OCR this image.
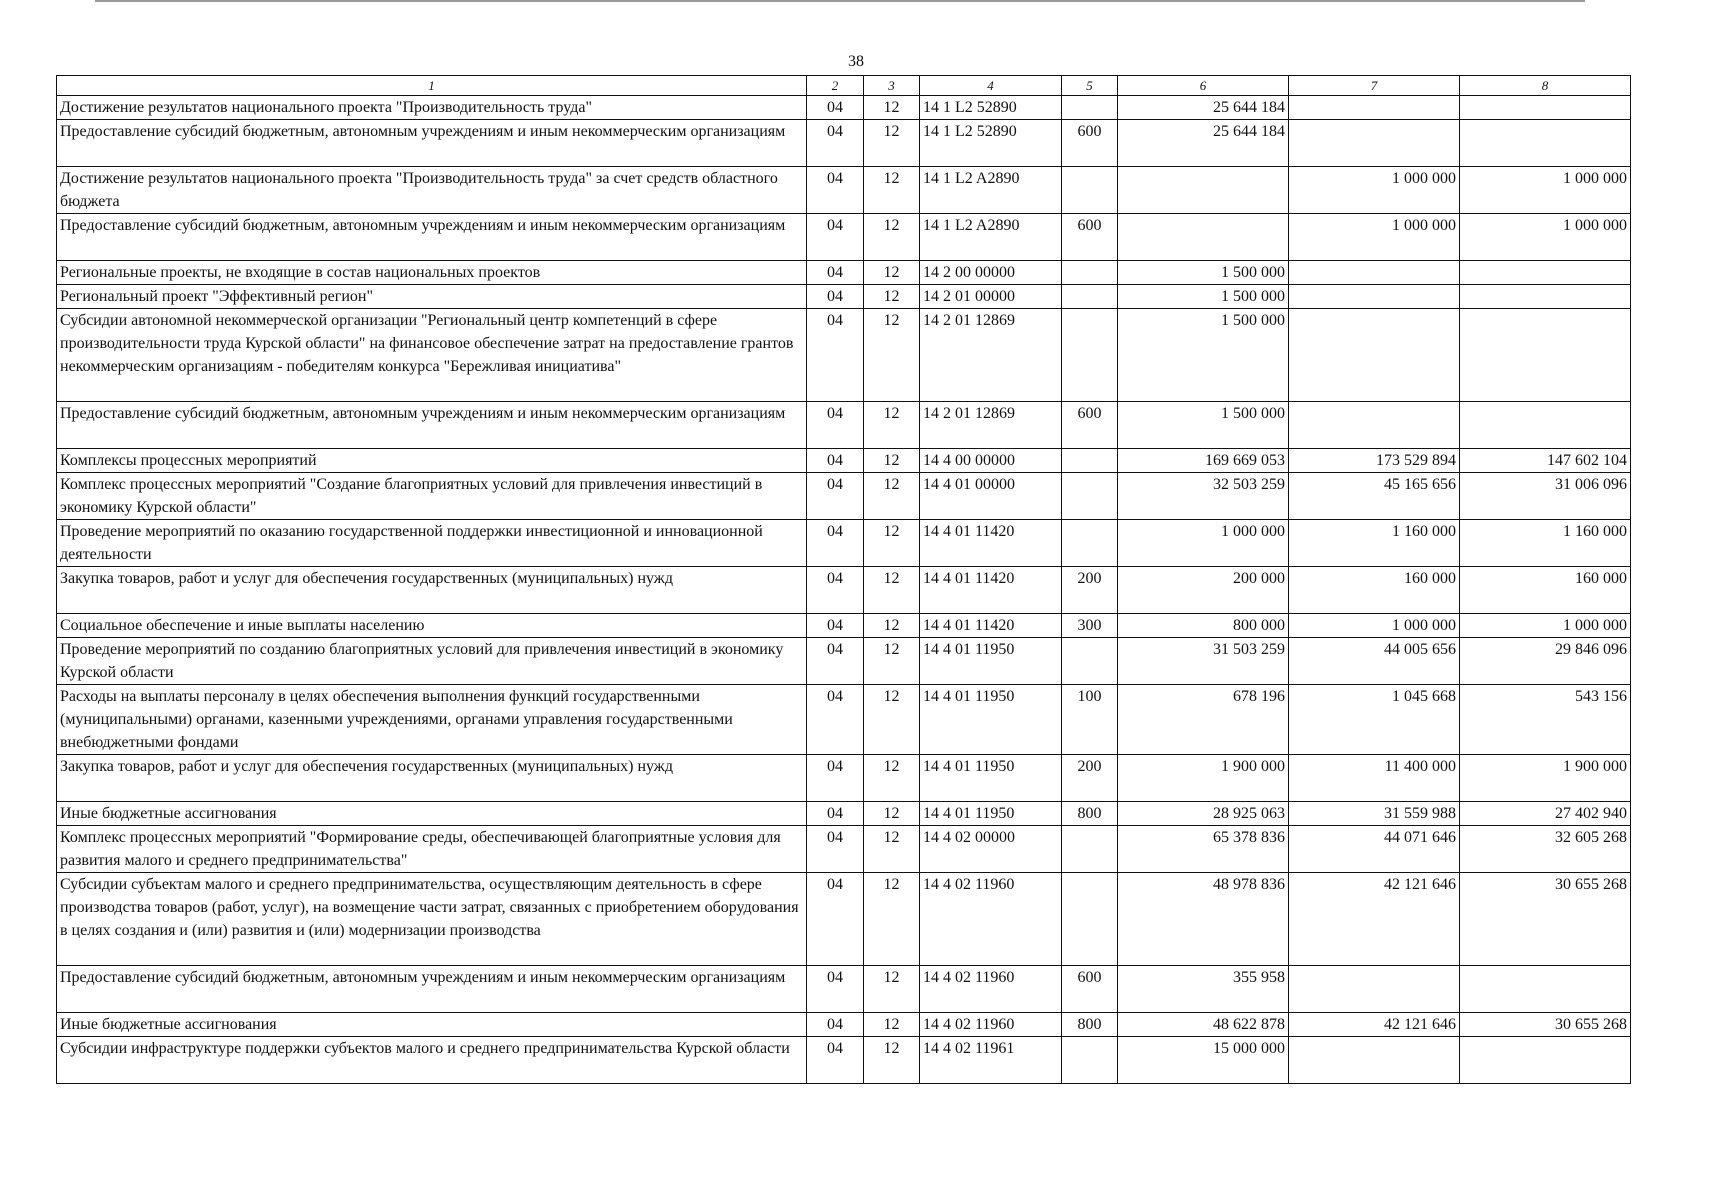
38
1	2	3	4	5	6	7	8
Достижение результатов национального проекта "Производительность труда"	04	12	14 1 L2 52890		25 644 184		
Предоставление субсидий бюджетным, автономным учреждениям и иным некоммерческим организациям	04	12	14 1 L2 52890	600	25 644 184		
Достижение результатов национального проекта "Производительность труда" за счет средств областного бюджета	04	12	14 1 L2 A2890			1 000 000	1 000 000
Предоставление субсидий бюджетным, автономным учреждениям и иным некоммерческим организациям	04	12	14 1 L2 A2890	600		1 000 000	1 000 000
Региональные проекты, не входящие в состав национальных проектов	04	12	14 2 00 00000		1 500 000		
Региональный проект "Эффективный регион"	04	12	14 2 01 00000		1 500 000		
Субсидии автономной некоммерческой организации "Региональный центр компетенций в сфере производительности труда Курской области" на финансовое обеспечение затрат на предоставление грантов некоммерческим организациям - победителям конкурса "Бережливая инициатива"	04	12	14 2 01 12869		1 500 000		
Предоставление субсидий бюджетным, автономным учреждениям и иным некоммерческим организациям	04	12	14 2 01 12869	600	1 500 000		
Комплексы процессных мероприятий	04	12	14 4 00 00000		169 669 053	173 529 894	147 602 104
Комплекс процессных мероприятий "Создание благоприятных условий для привлечения инвестиций в экономику Курской области"	04	12	14 4 01 00000		32 503 259	45 165 656	31 006 096
Проведение мероприятий по оказанию государственной поддержки инвестиционной и инновационной деятельности	04	12	14 4 01 11420		1 000 000	1 160 000	1 160 000
Закупка товаров, работ и услуг для обеспечения государственных (муниципальных) нужд	04	12	14 4 01 11420	200	200 000	160 000	160 000
Социальное обеспечение и иные выплаты населению	04	12	14 4 01 11420	300	800 000	1 000 000	1 000 000
Проведение мероприятий по созданию благоприятных условий для привлечения инвестиций в экономику Курской области	04	12	14 4 01 11950		31 503 259	44 005 656	29 846 096
Расходы на выплаты персоналу в целях обеспечения выполнения функций государственными (муниципальными) органами, казенными учреждениями, органами управления государственными внебюджетными фондами	04	12	14 4 01 11950	100	678 196	1 045 668	543 156
Закупка товаров, работ и услуг для обеспечения государственных (муниципальных) нужд	04	12	14 4 01 11950	200	1 900 000	11 400 000	1 900 000
Иные бюджетные ассигнования	04	12	14 4 01 11950	800	28 925 063	31 559 988	27 402 940
Комплекс процессных мероприятий "Формирование среды, обеспечивающей благоприятные условия для развития малого и среднего предпринимательства"	04	12	14 4 02 00000		65 378 836	44 071 646	32 605 268
Субсидии субъектам малого и среднего предпринимательства, осуществляющим деятельность в сфере производства товаров (работ, услуг), на возмещение части затрат, связанных с приобретением оборудования в целях создания и (или) развития и (или) модернизации производства	04	12	14 4 02 11960		48 978 836	42 121 646	30 655 268
Предоставление субсидий бюджетным, автономным учреждениям и иным некоммерческим организациям	04	12	14 4 02 11960	600	355 958		
Иные бюджетные ассигнования	04	12	14 4 02 11960	800	48 622 878	42 121 646	30 655 268
Субсидии инфраструктуре поддержки субъектов малого и среднего предпринимательства Курской области	04	12	14 4 02 11961		15 000 000		
